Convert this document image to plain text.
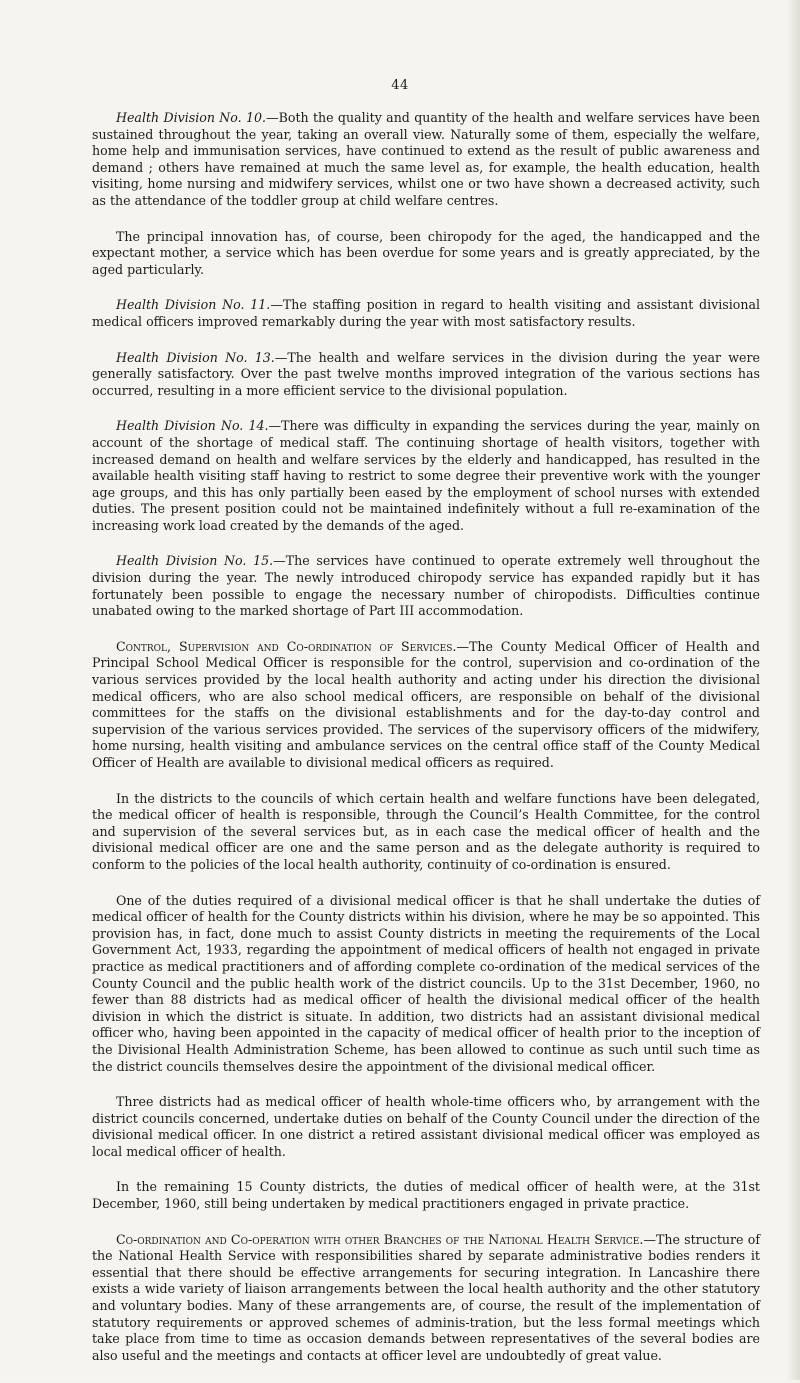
44

Health Division No. 10.—Both the quality and quantity of the health and welfare services have been sustained throughout the year, taking an overall view. Naturally some of them, especially the welfare, home help and immunisation services, have continued to extend as the result of public awareness and demand ; others have remained at much the same level as, for example, the health education, health visiting, home nursing and midwifery services, whilst one or two have shown a decreased activity, such as the attendance of the toddler group at child welfare centres.

The principal innovation has, of course, been chiropody for the aged, the handicapped and the expectant mother, a service which has been overdue for some years and is greatly appreciated, by the aged particularly.

Health Division No. 11.—The staffing position in regard to health visiting and assistant divisional medical officers improved remarkably during the year with most satisfactory results.

Health Division No. 13.—The health and welfare services in the division during the year were generally satisfactory. Over the past twelve months improved integration of the various sections has occurred, resulting in a more efficient service to the divisional population.

Health Division No. 14.—There was difficulty in expanding the services during the year, mainly on account of the shortage of medical staff. The continuing shortage of health visitors, together with increased demand on health and welfare services by the elderly and handicapped, has resulted in the available health visiting staff having to restrict to some degree their preventive work with the younger age groups, and this has only partially been eased by the employment of school nurses with extended duties. The present position could not be maintained indefinitely without a full re-examination of the increasing work load created by the demands of the aged.

Health Division No. 15.—The services have continued to operate extremely well throughout the division during the year. The newly introduced chiropody service has expanded rapidly but it has fortunately been possible to engage the necessary number of chiropodists. Difficulties continue unabated owing to the marked shortage of Part III accommodation.

Control, Supervision and Co-ordination of Services.—The County Medical Officer of Health and Principal School Medical Officer is responsible for the control, supervision and co-ordination of the various services provided by the local health authority and acting under his direction the divisional medical officers, who are also school medical officers, are responsible on behalf of the divisional committees for the staffs on the divisional establishments and for the day-to-day control and supervision of the various services provided. The services of the supervisory officers of the midwifery, home nursing, health visiting and ambulance services on the central office staff of the County Medical Officer of Health are available to divisional medical officers as required.

In the districts to the councils of which certain health and welfare functions have been delegated, the medical officer of health is responsible, through the Council’s Health Committee, for the control and supervision of the several services but, as in each case the medical officer of health and the divisional medical officer are one and the same person and as the delegate authority is required to conform to the policies of the local health authority, continuity of co-ordination is ensured.

One of the duties required of a divisional medical officer is that he shall undertake the duties of medical officer of health for the County districts within his division, where he may be so appointed. This provision has, in fact, done much to assist County districts in meeting the requirements of the Local Government Act, 1933, regarding the appointment of medical officers of health not engaged in private practice as medical practitioners and of affording complete co-ordination of the medical services of the County Council and the public health work of the district councils. Up to the 31st December, 1960, no fewer than 88 districts had as medical officer of health the divisional medical officer of the health division in which the district is situate. In addition, two districts had an assistant divisional medical officer who, having been appointed in the capacity of medical officer of health prior to the inception of the Divisional Health Administration Scheme, has been allowed to continue as such until such time as the district councils themselves desire the appointment of the divisional medical officer.

Three districts had as medical officer of health whole-time officers who, by arrangement with the district councils concerned, undertake duties on behalf of the County Council under the direction of the divisional medical officer. In one district a retired assistant divisional medical officer was employed as local medical officer of health.

In the remaining 15 County districts, the duties of medical officer of health were, at the 31st December, 1960, still being undertaken by medical practitioners engaged in private practice.

Co-ordination and Co-operation with other Branches of the National Health Service.—The structure of the National Health Service with responsibilities shared by separate administrative bodies renders it essential that there should be effective arrangements for securing integration. In Lancashire there exists a wide variety of liaison arrangements between the local health authority and the other statutory and voluntary bodies. Many of these arrangements are, of course, the result of the implementation of statutory requirements or approved schemes of adminis-tration, but the less formal meetings which take place from time to time as occasion demands between representatives of the several bodies are also useful and the meetings and contacts at officer level are undoubtedly of great value.
